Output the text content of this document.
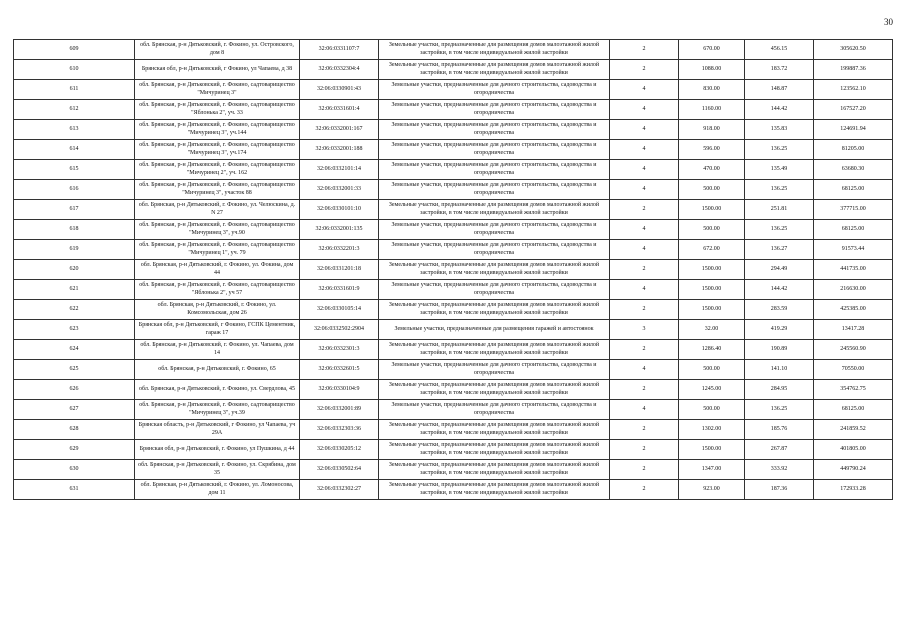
30
609	обл. Брянская, р-н Дятьковский, г. Фокино, ул. Островского, дом 8	32:06:0331107:7	Земельные участки, предназначенные для размещения домов малоэтажной жилой застройки, в том числе индивидуальной жилой застройки	2	670.00	456.15	305620.50
610	Брянская обл, р-н Дятьковский, г Фокино, ул Чапаева, д 38	32:06:0332304:4	Земельные участки, предназначенные для размещения домов малоэтажной жилой застройки, в том числе индивидуальной жилой застройки	2	1088.00	183.72	199887.36
611	обл. Брянская, р-н Дятьковский, г. Фокино, садтоварищество "Мичуринец 3"	32:06:0330901:43	Земельные участки, предназначенные для дачного строительства, садоводства и огородничества	4	830.00	148.87	123562.10
612	обл. Брянская, р-н Дятьковский, г. Фокино, садтоварищество "Яблонька 2", уч. 33	32:06:0331601:4	Земельные участки, предназначенные для дачного строительства, садоводства и огородничества	4	1160.00	144.42	167527.20
613	обл. Брянская, р-н Дятьковский, г. Фокино, садтоварищество "Мичуринец 3", уч.144	32:06:0332001:167	Земельные участки, предназначенные для дачного строительства, садоводства и огородничества	4	918.00	135.83	124691.94
614	обл. Брянская, р-н Дятьковский, г. Фокино, садтоварищество "Мичуринец 3", уч.174	32:06:0332001:188	Земельные участки, предназначенные для дачного строительства, садоводства и огородничества	4	596.00	136.25	81205.00
615	обл. Брянская, р-н Дятьковский, г. Фокино, садтоварищество "Мичуринец 2", уч. 162	32:06:0332101:14	Земельные участки, предназначенные для дачного строительства, садоводства и огородничества	4	470.00	135.49	63680.30
616	обл. Брянская, р-н Дятьковский, г. Фокино, садтоварищество "Мичуринец 3", участок 88	32:06:0332001:33	Земельные участки, предназначенные для дачного строительства, садоводства и огородничества	4	500.00	136.25	68125.00
617	обл. Брянская, р-н Дятьковский, г. Фокино, ул. Челюскина, д. N 27	32:06:0330101:10	Земельные участки, предназначенные для размещения домов малоэтажной жилой застройки, в том числе индивидуальной жилой застройки	2	1500.00	251.81	377715.00
618	обл. Брянская, р-н Дятьковский, г. Фокино, садтоварищество "Мичуринец 3", уч.90	32:06:0332001:135	Земельные участки, предназначенные для дачного строительства, садоводства и огородничества	4	500.00	136.25	68125.00
619	обл. Брянская, р-н Дятьковский, г. Фокино, садтоварищество "Мичуринец 1", уч. 79	32:06:0332201:3	Земельные участки, предназначенные для дачного строительства, садоводства и огородничества	4	672.00	136.27	91573.44
620	обл. Брянская, р-н Дятьковский, г. Фокино, ул. Фокина, дом 44	32:06:0331201:18	Земельные участки, предназначенные для размещения домов малоэтажной жилой застройки, в том числе индивидуальной жилой застройки	2	1500.00	294.49	441735.00
621	обл. Брянская, р-н Дятьковский, г. Фокино, садтоварищество "Яблонька 2", уч 57	32:06:0331601:9	Земельные участки, предназначенные для дачного строительства, садоводства и огородничества	4	1500.00	144.42	216630.00
622	обл. Брянская, р-н Дятьковский, г. Фокино, ул. Комсомольская, дом 26	32:06:0330105:14	Земельные участки, предназначенные для размещения домов малоэтажной жилой застройки, в том числе индивидуальной жилой застройки	2	1500.00	283.59	425385.00
623	Брянская обл, р-н Дятьковский, г Фокино, ГСПК Цементник, гараж 17	32:06:0332502:2904	Земельные участки, предназначенные для размещения гаражей и автостоянок	3	32.00	419.29	13417.28
624	обл. Брянская, р-н Дятьковский, г. Фокино, ул. Чапаева, дом 14	32:06:0332301:3	Земельные участки, предназначенные для размещения домов малоэтажной жилой застройки, в том числе индивидуальной жилой застройки	2	1286.40	190.89	245560.90
625	обл. Брянская, р-н Дятьковский, г. Фокино, 65	32:06:0332601:5	Земельные участки, предназначенные для дачного строительства, садоводства и огородничества	4	500.00	141.10	70550.00
626	обл. Брянская, р-н Дятьковский, г. Фокино, ул. Свердлова, 45	32:06:0330104:9	Земельные участки, предназначенные для размещения домов малоэтажной жилой застройки, в том числе индивидуальной жилой застройки	2	1245.00	284.95	354762.75
627	обл. Брянская, р-н Дятьковский, г. Фокино, садтоварищество "Мичуринец 3", уч.39	32:06:0332001:89	Земельные участки, предназначенные для дачного строительства, садоводства и огородничества	4	500.00	136.25	68125.00
628	Брянская область, р-н Дятьковский, г Фокино, ул Чапаева, уч 29А	32:06:0332303:36	Земельные участки, предназначенные для размещения домов малоэтажной жилой застройки, в том числе индивидуальной жилой застройки	2	1302.00	185.76	241859.52
629	Брянская обл, р-н Дятьковский, г. Фокино, ул Пушкина, д 44	32:06:0330205:12	Земельные участки, предназначенные для размещения домов малоэтажной жилой застройки, в том числе индивидуальной жилой застройки	2	1500.00	267.87	401805.00
630	обл. Брянская, р-н Дятьковский, г. Фокино, ул. Скрябина, дом 35	32:06:0330502:64	Земельные участки, предназначенные для размещения домов малоэтажной жилой застройки, в том числе индивидуальной жилой застройки	2	1347.00	333.92	449790.24
631	обл. Брянская, р-н Дятьковский, г. Фокино, ул. Ломоносова, дом 11	32:06:0332302:27	Земельные участки, предназначенные для размещения домов малоэтажной жилой застройки, в том числе индивидуальной жилой застройки	2	923.00	187.36	172933.28
